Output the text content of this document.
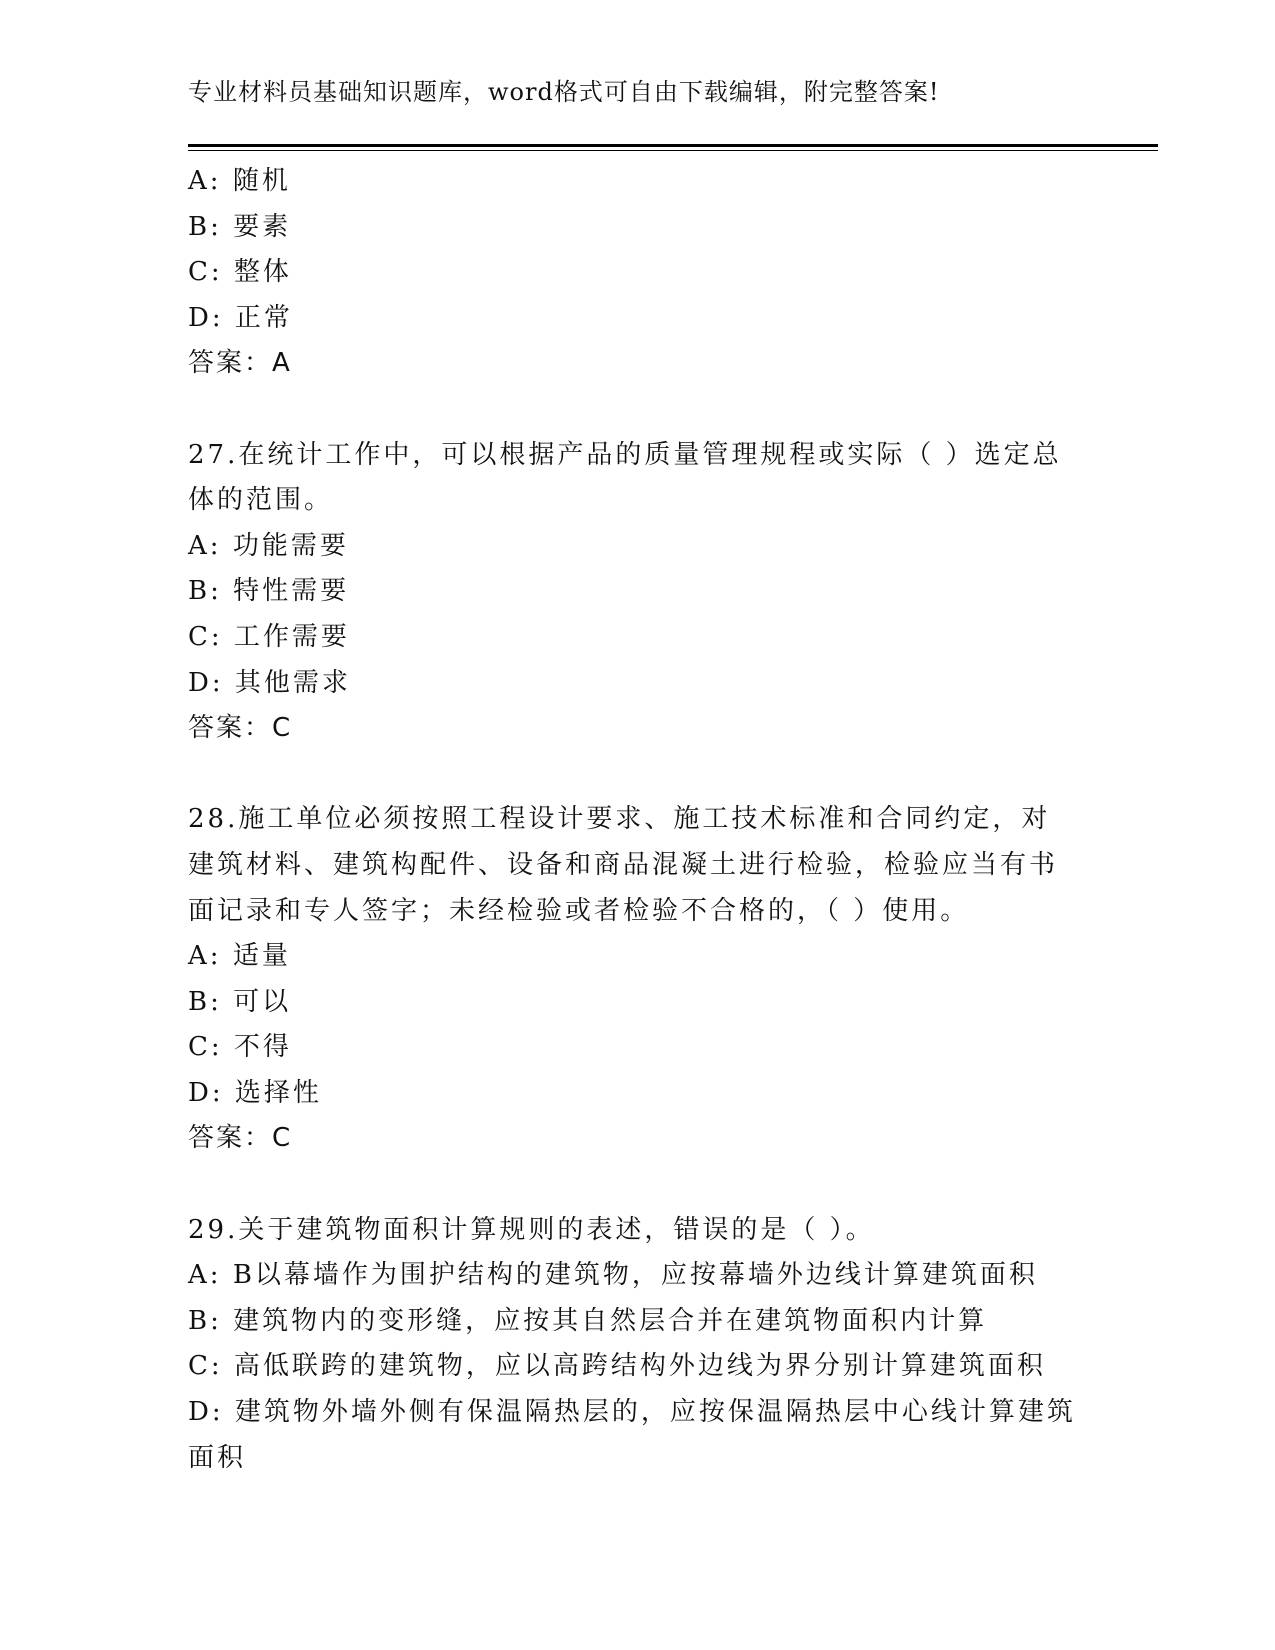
专业材料员基础知识题库，word格式可自由下载编辑，附完整答案!
A: 随机
B: 要素
C: 整体
D: 正常
答案：A
27.在统计工作中，可以根据产品的质量管理规程或实际（ ）选定总体的范围。
A: 功能需要
B: 特性需要
C: 工作需要
D: 其他需求
答案：C
28.施工单位必须按照工程设计要求、施工技术标准和合同约定，对建筑材料、建筑构配件、设备和商品混凝土进行检验，检验应当有书面记录和专人签字；未经检验或者检验不合格的，（ ）使用。
A: 适量
B: 可以
C: 不得
D: 选择性
答案：C
29.关于建筑物面积计算规则的表述，错误的是（ ）。
A: B以幕墙作为围护结构的建筑物，应按幕墙外边线计算建筑面积
B: 建筑物内的变形缝，应按其自然层合并在建筑物面积内计算
C: 高低联跨的建筑物，应以高跨结构外边线为界分别计算建筑面积
D: 建筑物外墙外侧有保温隔热层的，应按保温隔热层中心线计算建筑面积
